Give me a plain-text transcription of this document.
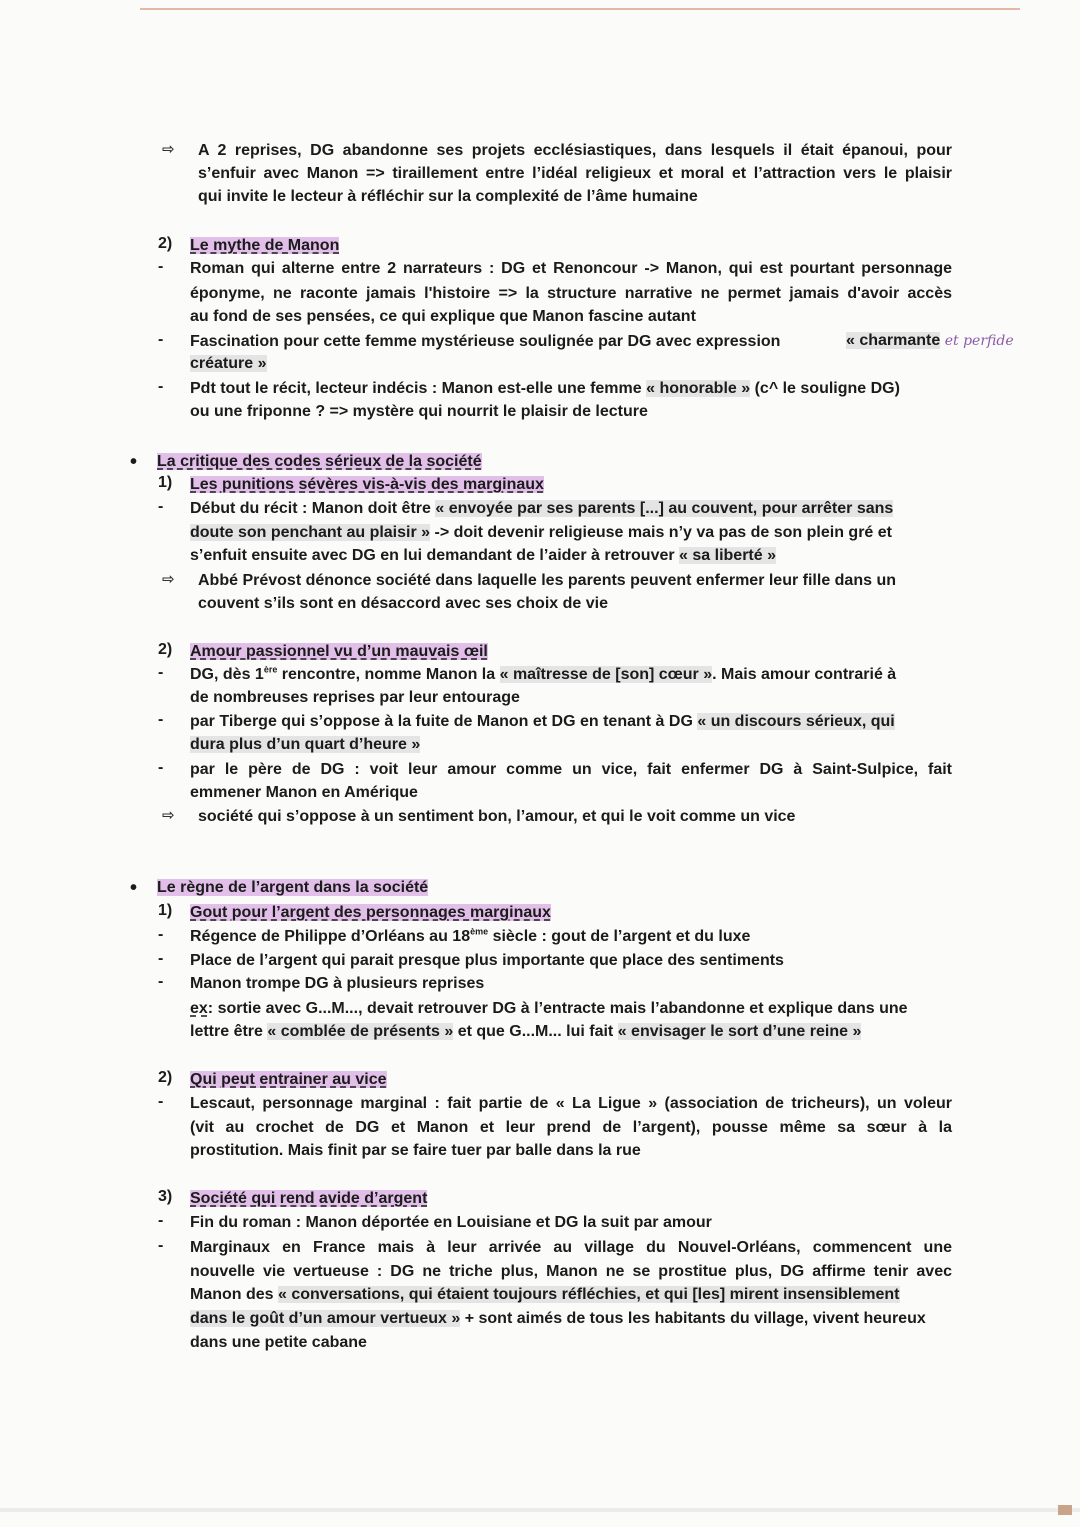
⇨ A 2 reprises, DG abandonne ses projets ecclésiastiques, dans lesquels il était épanoui, pour
s’enfuir avec Manon => tiraillement entre l’idéal religieux et moral et l’attraction vers le plaisir
qui invite le lecteur à réfléchir sur la complexité de l’âme humaine
2) Le mythe de Manon
- Roman qui alterne entre 2 narrateurs : DG et Renoncour -> Manon, qui est pourtant personnage
éponyme, ne raconte jamais l'histoire => la structure narrative ne permet jamais d'avoir accès
au fond de ses pensées, ce qui explique que Manon fascine autant
- Fascination pour cette femme mystérieuse soulignée par DG avec expression	« charmante et perfide
créature »
- Pdt tout le récit, lecteur indécis : Manon est-elle une femme « honorable » (c^ le souligne DG)
ou une friponne ? => mystère qui nourrit le plaisir de lecture
• La critique des codes sérieux de la société
1) Les punitions sévères vis-à-vis des marginaux
- Début du récit : Manon doit être « envoyée par ses parents [...] au couvent, pour arrêter sans
doute son penchant au plaisir » -> doit devenir religieuse mais n’y va pas de son plein gré et
s’enfuit ensuite avec DG en lui demandant de l’aider à retrouver « sa liberté »
⇨ Abbé Prévost dénonce société dans laquelle les parents peuvent enfermer leur fille dans un
couvent s’ils sont en désaccord avec ses choix de vie
2) Amour passionnel vu d’un mauvais œil
- DG, dès 1ère rencontre, nomme Manon la « maîtresse de [son] cœur ». Mais amour contrarié à
de nombreuses reprises par leur entourage
- par Tiberge qui s’oppose à la fuite de Manon et DG en tenant à DG « un discours sérieux, qui
dura plus d’un quart d’heure »
- par le père de DG : voit leur amour comme un vice, fait enfermer DG à Saint-Sulpice, fait
emmener Manon en Amérique
⇨ société qui s’oppose à un sentiment bon, l’amour, et qui le voit comme un vice
• Le règne de l’argent dans la société
1) Gout pour l’argent des personnages marginaux
- Régence de Philippe d’Orléans au 18ème siècle : gout de l’argent et du luxe
- Place de l’argent qui parait presque plus importante que place des sentiments
- Manon trompe DG à plusieurs reprises
ex: sortie avec G...M..., devait retrouver DG à l’entracte mais l’abandonne et explique dans une
lettre être « comblée de présents » et que G...M... lui fait « envisager le sort d’une reine »
2) Qui peut entrainer au vice
- Lescaut, personnage marginal : fait partie de « La Ligue » (association de tricheurs), un voleur
(vit au crochet de DG et Manon et leur prend de l’argent), pousse même sa sœur à la
prostitution. Mais finit par se faire tuer par balle dans la rue
3) Société qui rend avide d’argent
- Fin du roman : Manon déportée en Louisiane et DG la suit par amour
- Marginaux en France mais à leur arrivée au village du Nouvel-Orléans, commencent une
nouvelle vie vertueuse : DG ne triche plus, Manon ne se prostitue plus, DG affirme tenir avec
Manon des « conversations, qui étaient toujours réfléchies, et qui [les] mirent insensiblement
dans le goût d’un amour vertueux » + sont aimés de tous les habitants du village, vivent heureux
dans une petite cabane
